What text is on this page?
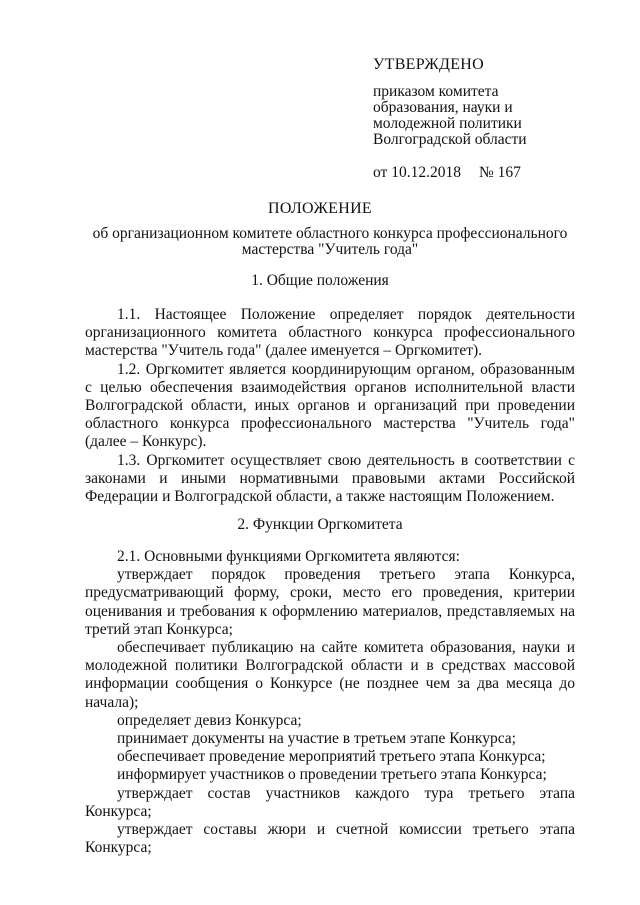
УТВЕРЖДЕНО
приказом комитета
образования, науки и
молодежной политики
Волгоградской области
от 10.12.2018 № 167
ПОЛОЖЕНИЕ
об организационном комитете областного конкурса профессионального мастерства "Учитель года"
1. Общие положения
1.1. Настоящее Положение определяет порядок деятельности организационного комитета областного конкурса профессионального мастерства "Учитель года" (далее именуется – Оргкомитет).
1.2. Оргкомитет является координирующим органом, образованным с целью обеспечения взаимодействия органов исполнительной власти Волгоградской области, иных органов и организаций при проведении областного конкурса профессионального мастерства "Учитель года" (далее – Конкурс).
1.3. Оргкомитет осуществляет свою деятельность в соответствии с законами и иными нормативными правовыми актами Российской Федерации и Волгоградской области, а также настоящим Положением.
2. Функции Оргкомитета
2.1. Основными функциями Оргкомитета являются:
утверждает порядок проведения третьего этапа Конкурса, предусматривающий форму, сроки, место его проведения, критерии оценивания и требования к оформлению материалов, представляемых на третий этап Конкурса;
обеспечивает публикацию на сайте комитета образования, науки и молодежной политики Волгоградской области и в средствах массовой информации сообщения о Конкурсе (не позднее чем за два месяца до начала);
определяет девиз Конкурса;
принимает документы на участие в третьем этапе Конкурса;
обеспечивает проведение мероприятий третьего этапа Конкурса;
информирует участников о проведении третьего этапа Конкурса;
утверждает состав участников каждого тура третьего этапа Конкурса;
утверждает составы жюри и счетной комиссии третьего этапа Конкурса;
